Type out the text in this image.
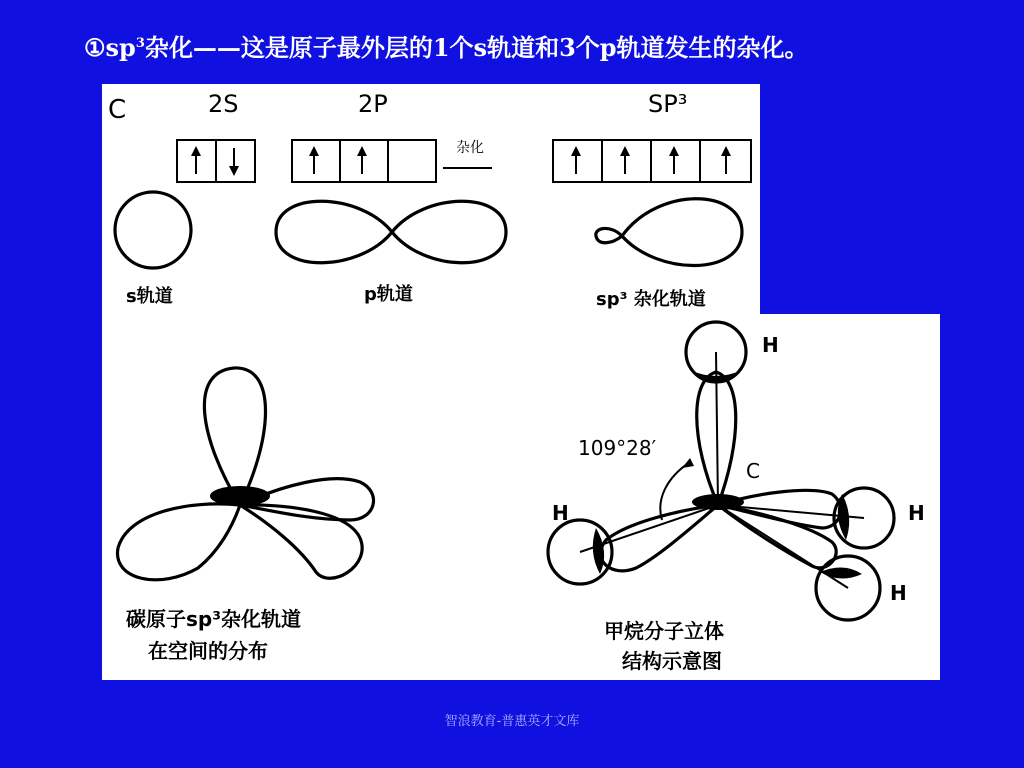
$①sp^3$杂化——这是原子最外层的1个s轨道和3个p轨道发生的杂化。
C	2S	2P	SP³
杂化
s轨道	p轨道	sp³ 杂化轨道
碳原子sp³杂化轨道
在空间的分布
109°28′
C
H
H	H
H
甲烷分子立体
结构示意图
智浪教育-普惠英才文库
